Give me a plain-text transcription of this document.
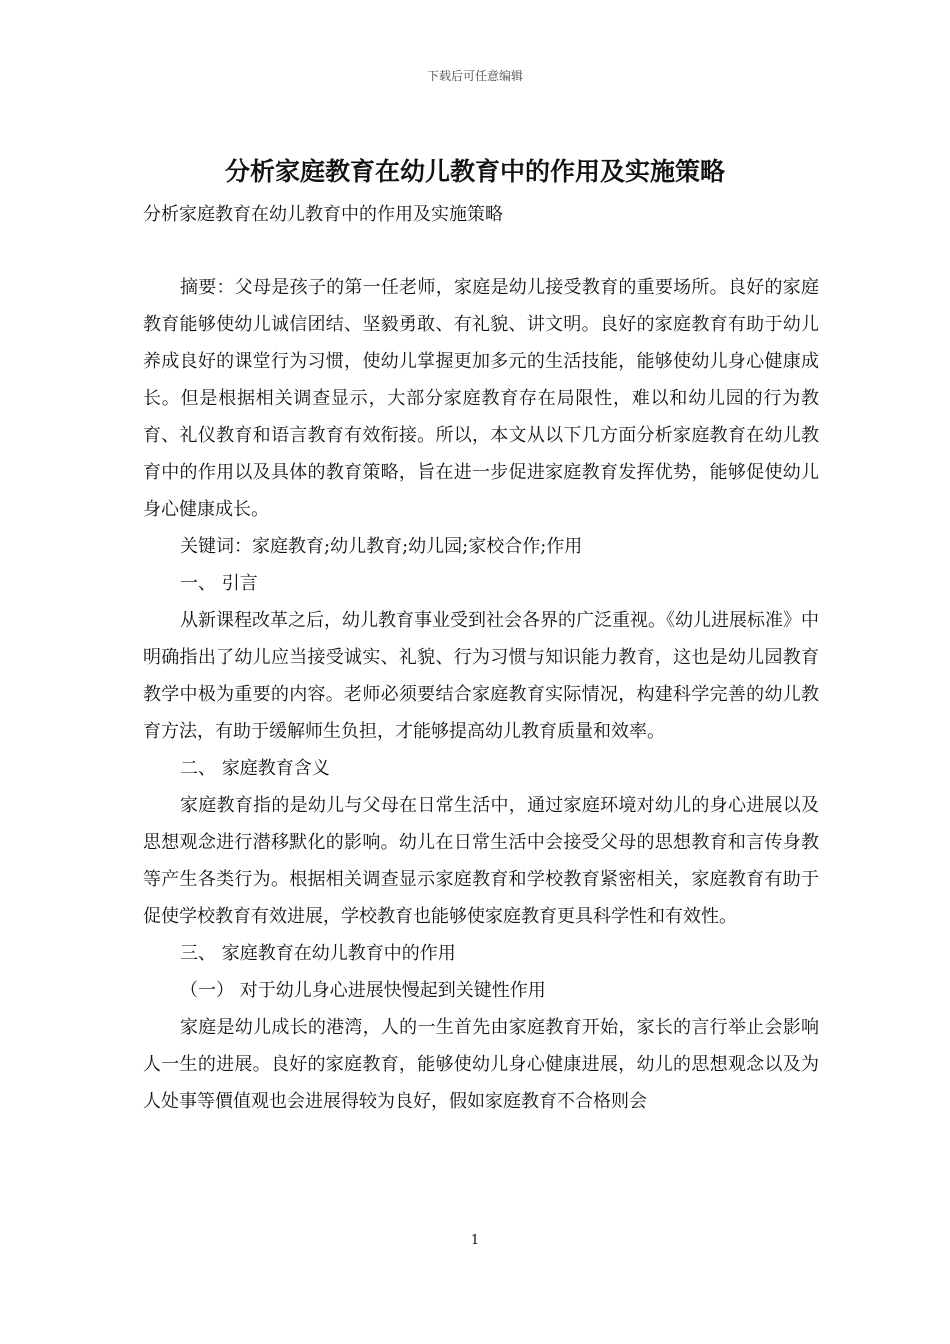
下载后可任意编辑
分析家庭教育在幼儿教育中的作用及实施策略

分析家庭教育在幼儿教育中的作用及实施策略

摘要：父母是孩子的第一任老师，家庭是幼儿接受教育的重要场所。良好的家庭教育能够使幼儿诚信团结、坚毅勇敢、有礼貌、讲文明。良好的家庭教育有助于幼儿养成良好的课堂行为习惯，使幼儿掌握更加多元的生活技能，能够使幼儿身心健康成长。但是根据相关调查显示，大部分家庭教育存在局限性，难以和幼儿园的行为教育、礼仪教育和语言教育有效衔接。所以，本文从以下几方面分析家庭教育在幼儿教育中的作用以及具体的教育策略，旨在进一步促进家庭教育发挥优势，能够促使幼儿身心健康成长。

关键词：家庭教育;幼儿教育;幼儿园;家校合作;作用

一、 引言

从新课程改革之后，幼儿教育事业受到社会各界的广泛重视。《幼儿进展标准》中明确指出了幼儿应当接受诚实、礼貌、行为习惯与知识能力教育，这也是幼儿园教育教学中极为重要的内容。老师必须要结合家庭教育实际情况，构建科学完善的幼儿教育方法，有助于缓解师生负担，才能够提高幼儿教育质量和效率。

二、 家庭教育含义

家庭教育指的是幼儿与父母在日常生活中，通过家庭环境对幼儿的身心进展以及思想观念进行潜移默化的影响。幼儿在日常生活中会接受父母的思想教育和言传身教等产生各类行为。根据相关调查显示家庭教育和学校教育紧密相关，家庭教育有助于促使学校教育有效进展，学校教育也能够使家庭教育更具科学性和有效性。

三、 家庭教育在幼儿教育中的作用

（一） 对于幼儿身心进展快慢起到关键性作用

家庭是幼儿成长的港湾，人的一生首先由家庭教育开始，家长的言行举止会影响人一生的进展。良好的家庭教育，能够使幼儿身心健康进展，幼儿的思想观念以及为人处事等價值观也会进展得较为良好，假如家庭教育不合格则会

1
